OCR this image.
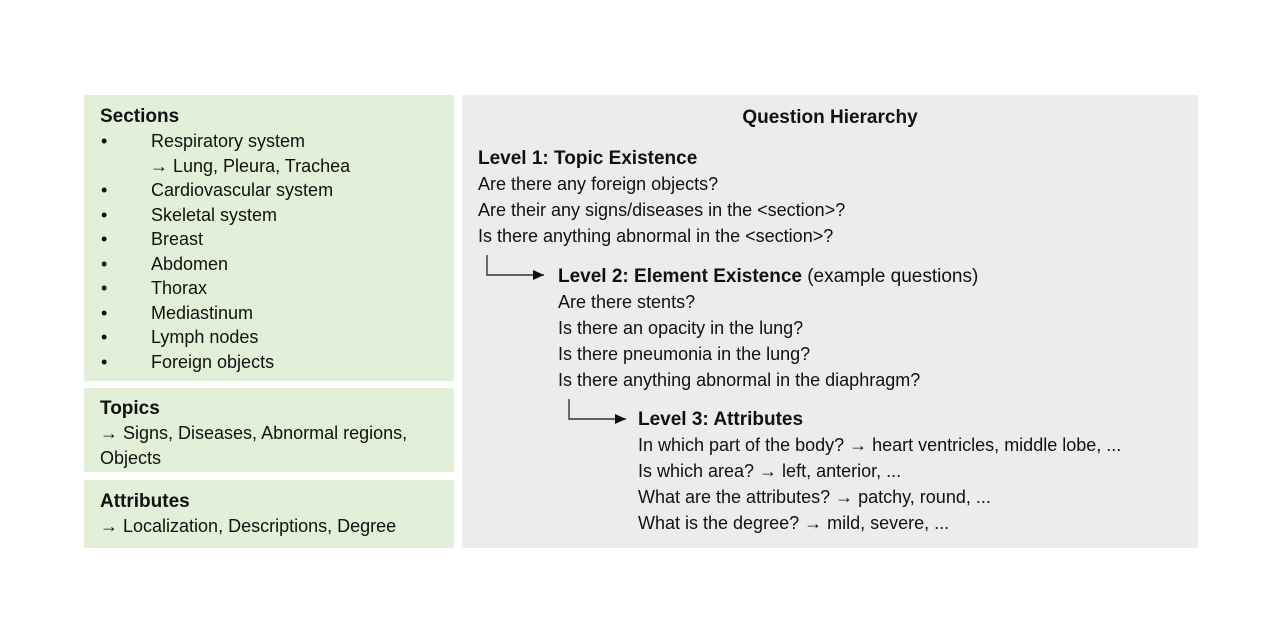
Sections
•	Respiratory system
→ Lung, Pleura, Trachea
•	Cardiovascular system
•	Skeletal system
•	Breast
•	Abdomen
•	Thorax
•	Mediastinum
•	Lymph nodes
•	Foreign objects
Topics
→ Signs, Diseases, Abnormal regions,
Objects
Attributes
→ Localization, Descriptions, Degree
Question Hierarchy
Level 1: Topic Existence
Are there any foreign objects?
Are their any signs/diseases in the <section>?
Is there anything abnormal in the <section>?
Level 2: Element Existence (example questions)
Are there stents?
Is there an opacity in the lung?
Is there pneumonia in the lung?
Is there anything abnormal in the diaphragm?
Level 3: Attributes
In which part of the body? → heart ventricles, middle lobe, ...
Is which area? → left, anterior, ...
What are the attributes? → patchy, round, ...
What is the degree? → mild, severe, ...
